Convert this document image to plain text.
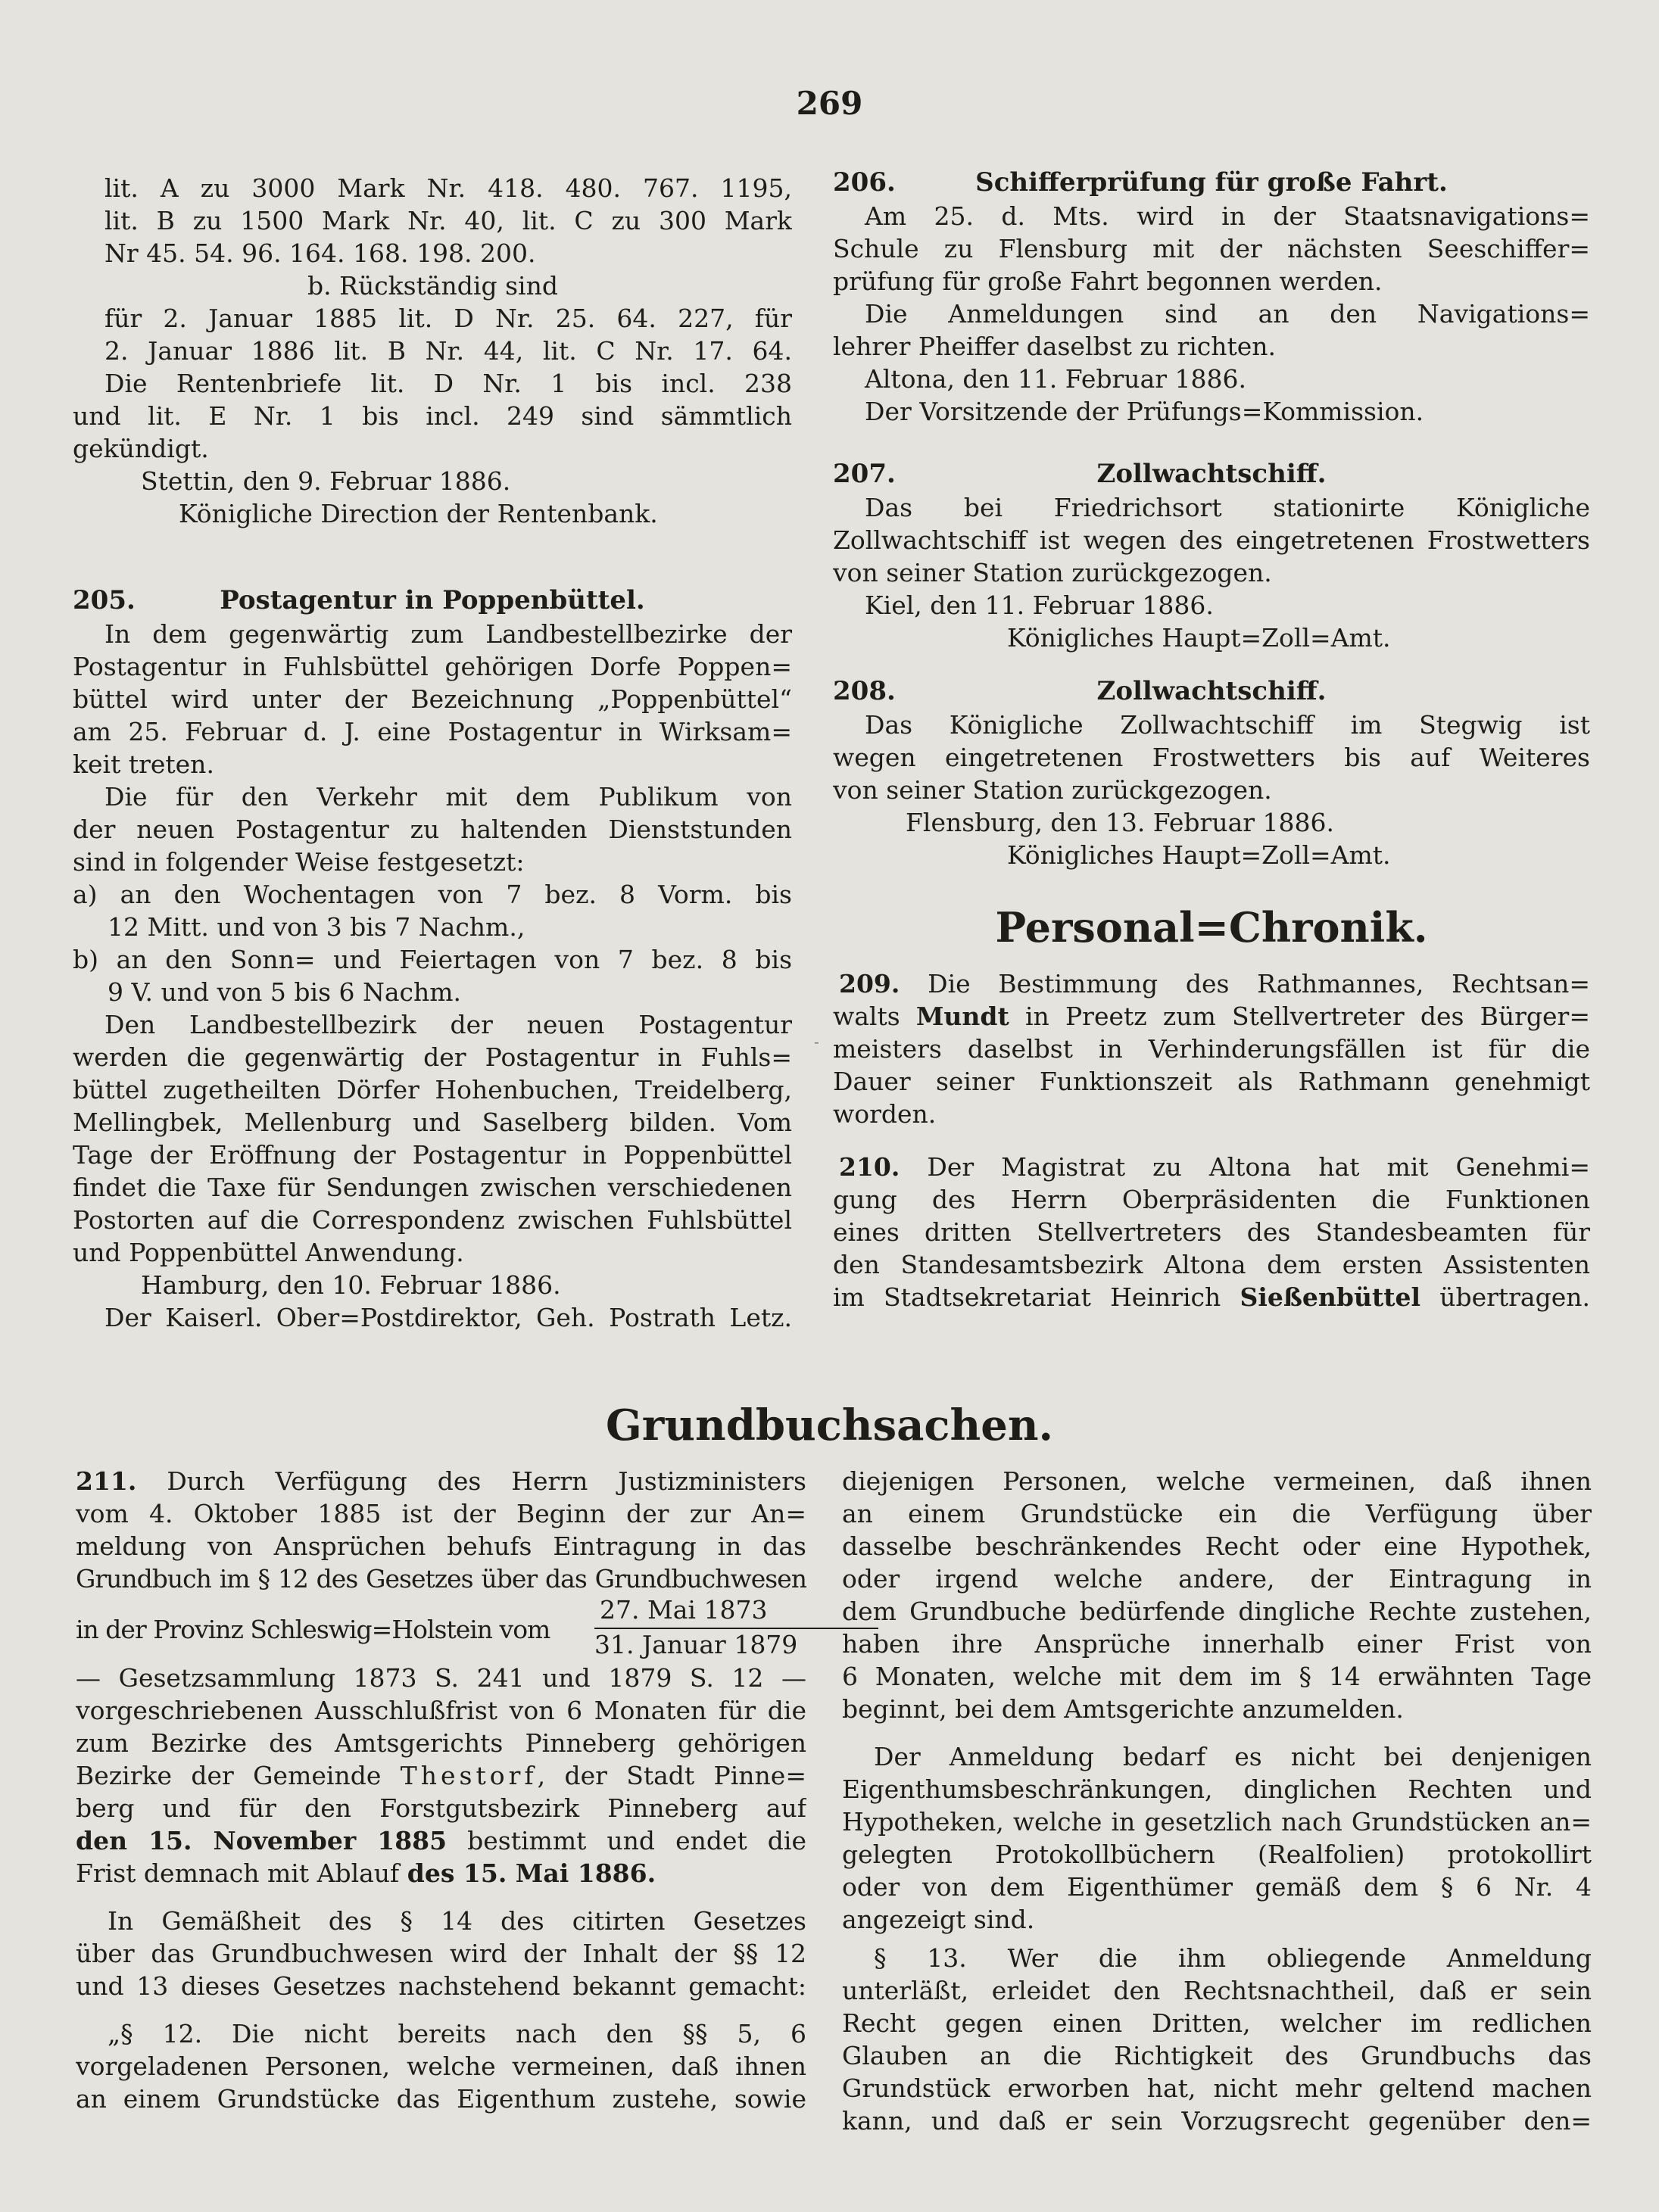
269
lit. A zu 3000 Mark Nr. 418. 480. 767. 1195,
lit. B zu 1500 Mark Nr. 40, lit. C zu 300 Mark
Nr 45. 54. 96. 164. 168. 198. 200.
b. Rückständig sind
für 2. Januar 1885 lit. D Nr. 25. 64. 227, für
2. Januar 1886 lit. B Nr. 44, lit. C Nr. 17. 64.
Die Rentenbriefe lit. D Nr. 1 bis incl. 238
und lit. E Nr. 1 bis incl. 249 sind sämmtlich
gekündigt.
Stettin, den 9. Februar 1886.
Königliche Direction der Rentenbank.
205.	Postagentur in Poppenbüttel.
In dem gegenwärtig zum Landbestellbezirke der
Postagentur in Fuhlsbüttel gehörigen Dorfe Poppen=
büttel wird unter der Bezeichnung „Poppenbüttel“
am 25. Februar d. J. eine Postagentur in Wirksam=
keit treten.
Die für den Verkehr mit dem Publikum von
der neuen Postagentur zu haltenden Dienststunden
sind in folgender Weise festgesetzt:
a) an den Wochentagen von 7 bez. 8 Vorm. bis
12 Mitt. und von 3 bis 7 Nachm.,
b) an den Sonn= und Feiertagen von 7 bez. 8 bis
9 V. und von 5 bis 6 Nachm.
Den Landbestellbezirk der neuen Postagentur
werden die gegenwärtig der Postagentur in Fuhls=
büttel zugetheilten Dörfer Hohenbuchen, Treidelberg,
Mellingbek, Mellenburg und Saselberg bilden. Vom
Tage der Eröffnung der Postagentur in Poppenbüttel
findet die Taxe für Sendungen zwischen verschiedenen
Postorten auf die Correspondenz zwischen Fuhlsbüttel
und Poppenbüttel Anwendung.
Hamburg, den 10. Februar 1886.
Der Kaiserl. Ober=Postdirektor, Geh. Postrath Letz.
-
206.	Schifferprüfung für große Fahrt.
Am 25. d. Mts. wird in der Staatsnavigations=
Schule zu Flensburg mit der nächsten Seeschiffer=
prüfung für große Fahrt begonnen werden.
Die Anmeldungen sind an den Navigations=
lehrer Pheiffer daselbst zu richten.
Altona, den 11. Februar 1886.
Der Vorsitzende der Prüfungs=Kommission.
207.	Zollwachtschiff.
Das bei Friedrichsort stationirte Königliche
Zollwachtschiff ist wegen des eingetretenen Frostwetters
von seiner Station zurückgezogen.
Kiel, den 11. Februar 1886.
Königliches Haupt=Zoll=Amt.
208.	Zollwachtschiff.
Das Königliche Zollwachtschiff im Stegwig ist
wegen eingetretenen Frostwetters bis auf Weiteres
von seiner Station zurückgezogen.
Flensburg, den 13. Februar 1886.
Königliches Haupt=Zoll=Amt.
Personal=Chronik.
209. Die Bestimmung des Rathmannes, Rechtsan=
walts Mundt in Preetz zum Stellvertreter des Bürger=
meisters daselbst in Verhinderungsfällen ist für die
Dauer seiner Funktionszeit als Rathmann genehmigt
worden.
210. Der Magistrat zu Altona hat mit Genehmi=
gung des Herrn Oberpräsidenten die Funktionen
eines dritten Stellvertreters des Standesbeamten für
den Standesamtsbezirk Altona dem ersten Assistenten
im Stadtsekretariat Heinrich Sießenbüttel übertragen.
Grundbuchsachen.
211. Durch Verfügung des Herrn Justizministers
vom 4. Oktober 1885 ist der Beginn der zur An=
meldung von Ansprüchen behufs Eintragung in das
Grundbuch im § 12 des Gesetzes über das Grundbuchwesen
in der Provinz Schleswig=Holstein vom
27. Mai 1873
31. Januar 1879
— Gesetzsammlung 1873 S. 241 und 1879 S. 12 —
vorgeschriebenen Ausschlußfrist von 6 Monaten für die
zum Bezirke des Amtsgerichts Pinneberg gehörigen
Bezirke der Gemeinde Thestorf, der Stadt Pinne=
berg und für den Forstgutsbezirk Pinneberg auf
den 15. November 1885 bestimmt und endet die
Frist demnach mit Ablauf des 15. Mai 1886.
In Gemäßheit des § 14 des citirten Gesetzes
über das Grundbuchwesen wird der Inhalt der §§ 12
und 13 dieses Gesetzes nachstehend bekannt gemacht:
„§ 12. Die nicht bereits nach den §§ 5, 6
vorgeladenen Personen, welche vermeinen, daß ihnen
an einem Grundstücke das Eigenthum zustehe, sowie
diejenigen Personen, welche vermeinen, daß ihnen
an einem Grundstücke ein die Verfügung über
dasselbe beschränkendes Recht oder eine Hypothek,
oder irgend welche andere, der Eintragung in
dem Grundbuche bedürfende dingliche Rechte zustehen,
haben ihre Ansprüche innerhalb einer Frist von
6 Monaten, welche mit dem im § 14 erwähnten Tage
beginnt, bei dem Amtsgerichte anzumelden.
Der Anmeldung bedarf es nicht bei denjenigen
Eigenthumsbeschränkungen, dinglichen Rechten und
Hypotheken, welche in gesetzlich nach Grundstücken an=
gelegten Protokollbüchern (Realfolien) protokollirt
oder von dem Eigenthümer gemäß dem § 6 Nr. 4
angezeigt sind.
§ 13. Wer die ihm obliegende Anmeldung
unterläßt, erleidet den Rechtsnachtheil, daß er sein
Recht gegen einen Dritten, welcher im redlichen
Glauben an die Richtigkeit des Grundbuchs das
Grundstück erworben hat, nicht mehr geltend machen
kann, und daß er sein Vorzugsrecht gegenüber den=
